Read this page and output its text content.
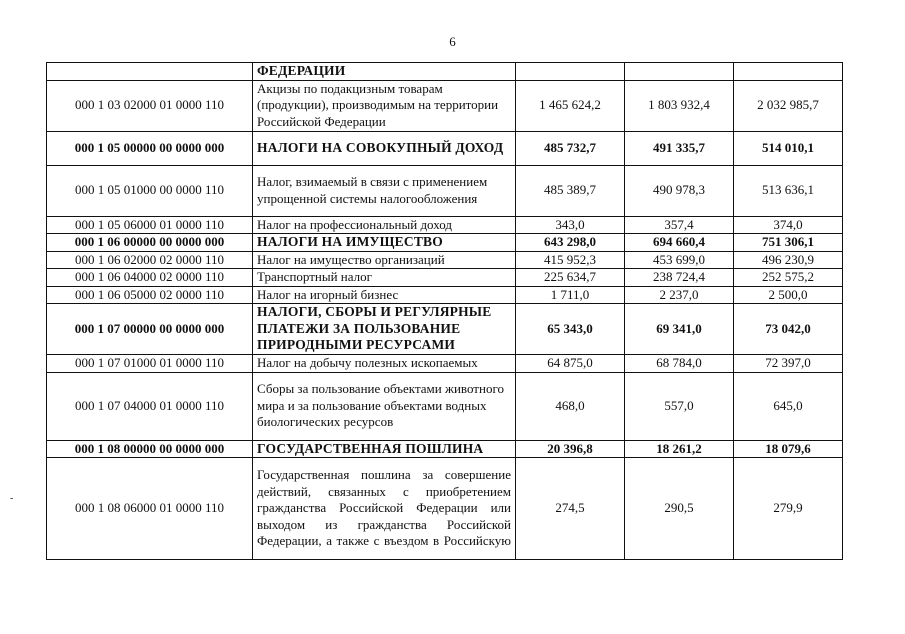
6
	ФЕДЕРАЦИИ			
000 1 03 02000 01 0000 110	Акцизы по подакцизным товарам (продукции), производимым на территории Российской Федерации	1 465 624,2	1 803 932,4	2 032 985,7
000 1 05 00000 00 0000 000	НАЛОГИ НА СОВОКУПНЫЙ ДОХОД	485 732,7	491 335,7	514 010,1
000 1 05 01000 00 0000 110	Налог, взимаемый в связи с применением упрощенной системы налогообложения	485 389,7	490 978,3	513 636,1
000 1 05 06000 01 0000 110	Налог на профессиональный доход	343,0	357,4	374,0
000 1 06 00000 00 0000 000	НАЛОГИ НА ИМУЩЕСТВО	643 298,0	694 660,4	751 306,1
000 1 06 02000 02 0000 110	Налог на имущество организаций	415 952,3	453 699,0	496 230,9
000 1 06 04000 02 0000 110	Транспортный налог	225 634,7	238 724,4	252 575,2
000 1 06 05000 02 0000 110	Налог на игорный бизнес	1 711,0	2 237,0	2 500,0
000 1 07 00000 00 0000 000	НАЛОГИ, СБОРЫ И РЕГУЛЯРНЫЕ ПЛАТЕЖИ ЗА ПОЛЬЗОВАНИЕ ПРИРОДНЫМИ РЕСУРСАМИ	65 343,0	69 341,0	73 042,0
000 1 07 01000 01 0000 110	Налог на добычу полезных ископаемых	64 875,0	68 784,0	72 397,0
000 1 07 04000 01 0000 110	Сборы за пользование объектами животного мира и за пользование объектами водных биологических ресурсов	468,0	557,0	645,0
000 1 08 00000 00 0000 000	ГОСУДАРСТВЕННАЯ ПОШЛИНА	20 396,8	18 261,2	18 079,6
000 1 08 06000 01 0000 110	Государственная пошлина за совершение действий, связанных с приобретением гражданства Российской Федерации или выходом из гражданства Российской Федерации, а также с въездом в Российскую	274,5	290,5	279,9
-
